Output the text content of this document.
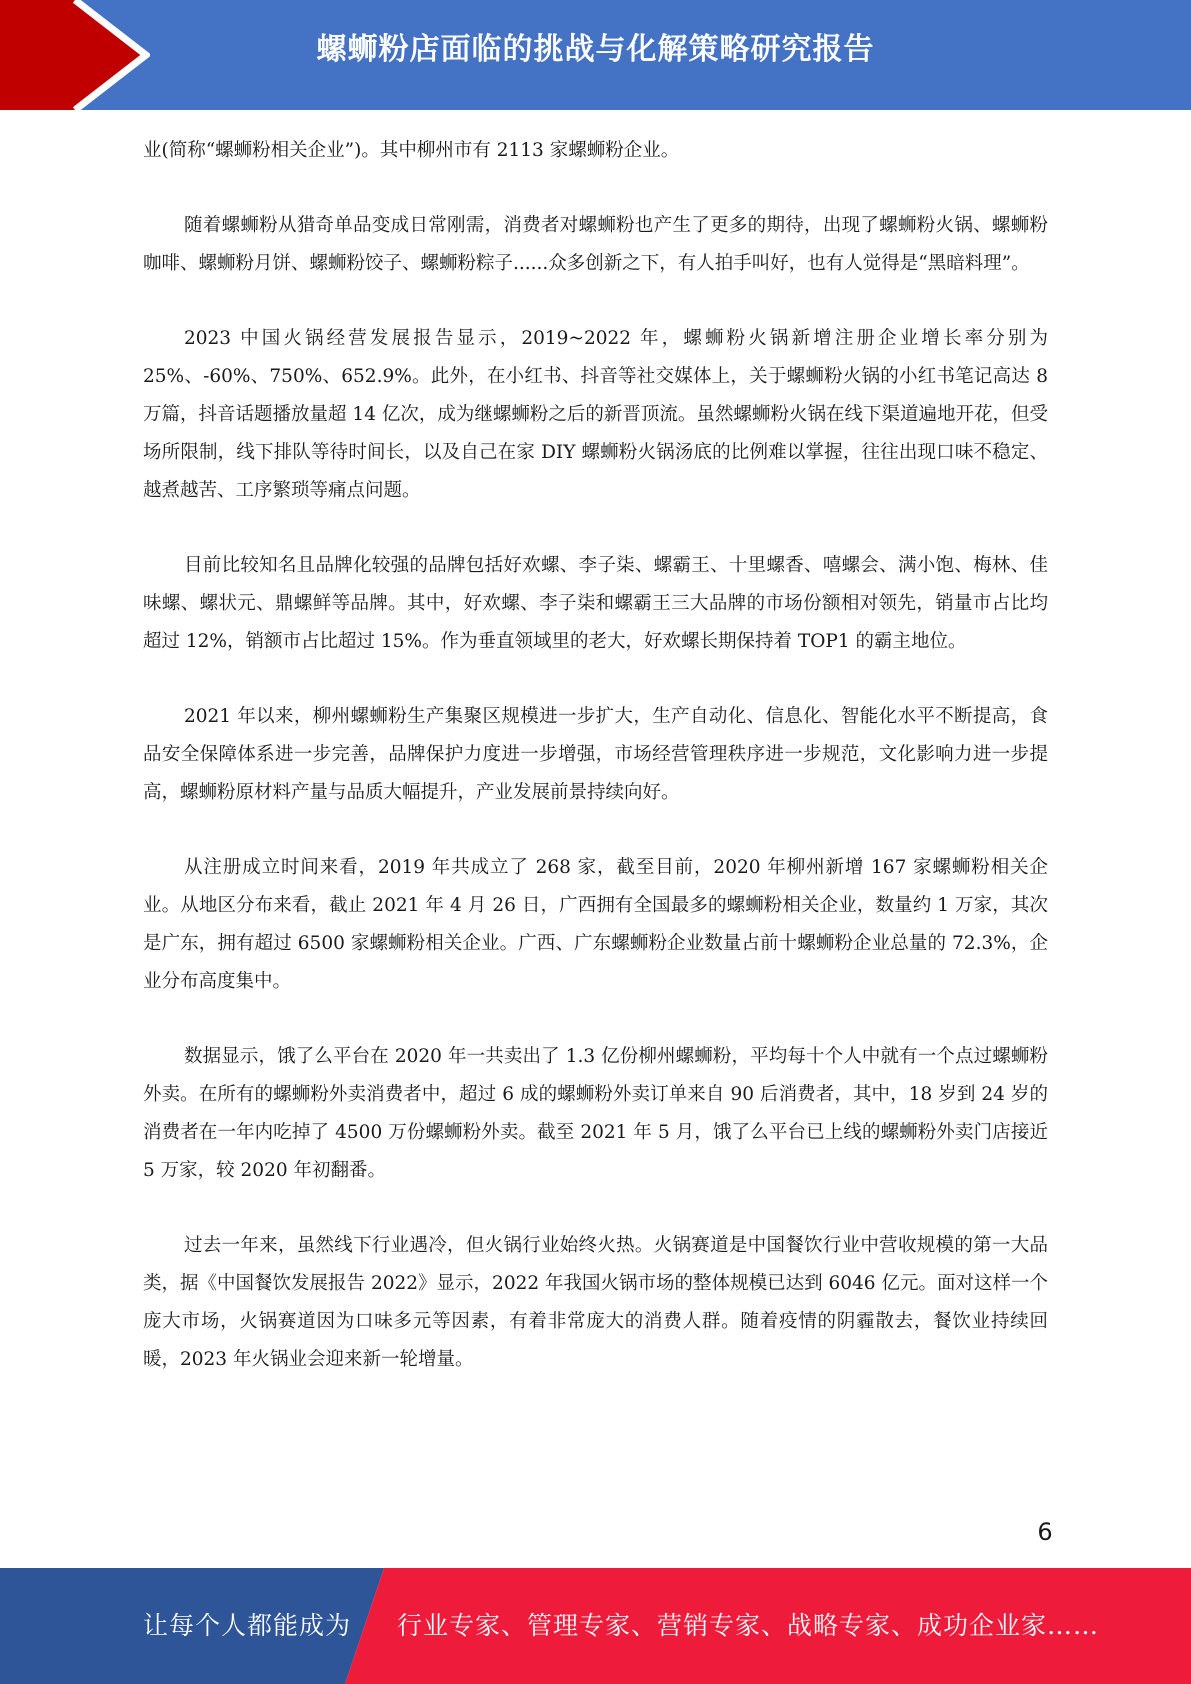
螺蛳粉店面临的挑战与化解策略研究报告

业(简称“螺蛳粉相关企业”)。其中柳州市有 2113 家螺蛳粉企业。

随着螺蛳粉从猎奇单品变成日常刚需，消费者对螺蛳粉也产生了更多的期待，出现了螺蛳粉火锅、螺蛳粉咖啡、螺蛳粉月饼、螺蛳粉饺子、螺蛳粉粽子......众多创新之下，有人拍手叫好，也有人觉得是“黑暗料理”。

2023 中国火锅经营发展报告显示，2019~2022 年，螺蛳粉火锅新增注册企业增长率分别为 25%、-60%、750%、652.9%。此外，在小红书、抖音等社交媒体上，关于螺蛳粉火锅的小红书笔记高达 8 万篇，抖音话题播放量超 14 亿次，成为继螺蛳粉之后的新晋顶流。虽然螺蛳粉火锅在线下渠道遍地开花，但受场所限制，线下排队等待时间长，以及自己在家 DIY 螺蛳粉火锅汤底的比例难以掌握，往往出现口味不稳定、越煮越苦、工序繁琐等痛点问题。

目前比较知名且品牌化较强的品牌包括好欢螺、李子柒、螺霸王、十里螺香、嘻螺会、满小饱、梅林、佳味螺、螺状元、鼎螺鲜等品牌。其中，好欢螺、李子柒和螺霸王三大品牌的市场份额相对领先，销量市占比均超过 12%，销额市占比超过 15%。作为垂直领域里的老大，好欢螺长期保持着 TOP1 的霸主地位。

2021 年以来，柳州螺蛳粉生产集聚区规模进一步扩大，生产自动化、信息化、智能化水平不断提高，食品安全保障体系进一步完善，品牌保护力度进一步增强，市场经营管理秩序进一步规范，文化影响力进一步提高，螺蛳粉原材料产量与品质大幅提升，产业发展前景持续向好。

从注册成立时间来看，2019 年共成立了 268 家，截至目前，2020 年柳州新增 167 家螺蛳粉相关企业。从地区分布来看，截止 2021 年 4 月 26 日，广西拥有全国最多的螺蛳粉相关企业，数量约 1 万家，其次是广东，拥有超过 6500 家螺蛳粉相关企业。广西、广东螺蛳粉企业数量占前十螺蛳粉企业总量的 72.3%，企业分布高度集中。

数据显示，饿了么平台在 2020 年一共卖出了 1.3 亿份柳州螺蛳粉，平均每十个人中就有一个点过螺蛳粉外卖。在所有的螺蛳粉外卖消费者中，超过 6 成的螺蛳粉外卖订单来自 90 后消费者，其中，18 岁到 24 岁的消费者在一年内吃掉了 4500 万份螺蛳粉外卖。截至 2021 年 5 月，饿了么平台已上线的螺蛳粉外卖门店接近 5 万家，较 2020 年初翻番。

过去一年来，虽然线下行业遇冷，但火锅行业始终火热。火锅赛道是中国餐饮行业中营收规模的第一大品类，据《中国餐饮发展报告 2022》显示，2022 年我国火锅市场的整体规模已达到 6046 亿元。面对这样一个庞大市场，火锅赛道因为口味多元等因素，有着非常庞大的消费人群。随着疫情的阴霾散去，餐饮业持续回暖，2023 年火锅业会迎来新一轮增量。

6
让每个人都能成为 行业专家、管理专家、营销专家、战略专家、成功企业家……
